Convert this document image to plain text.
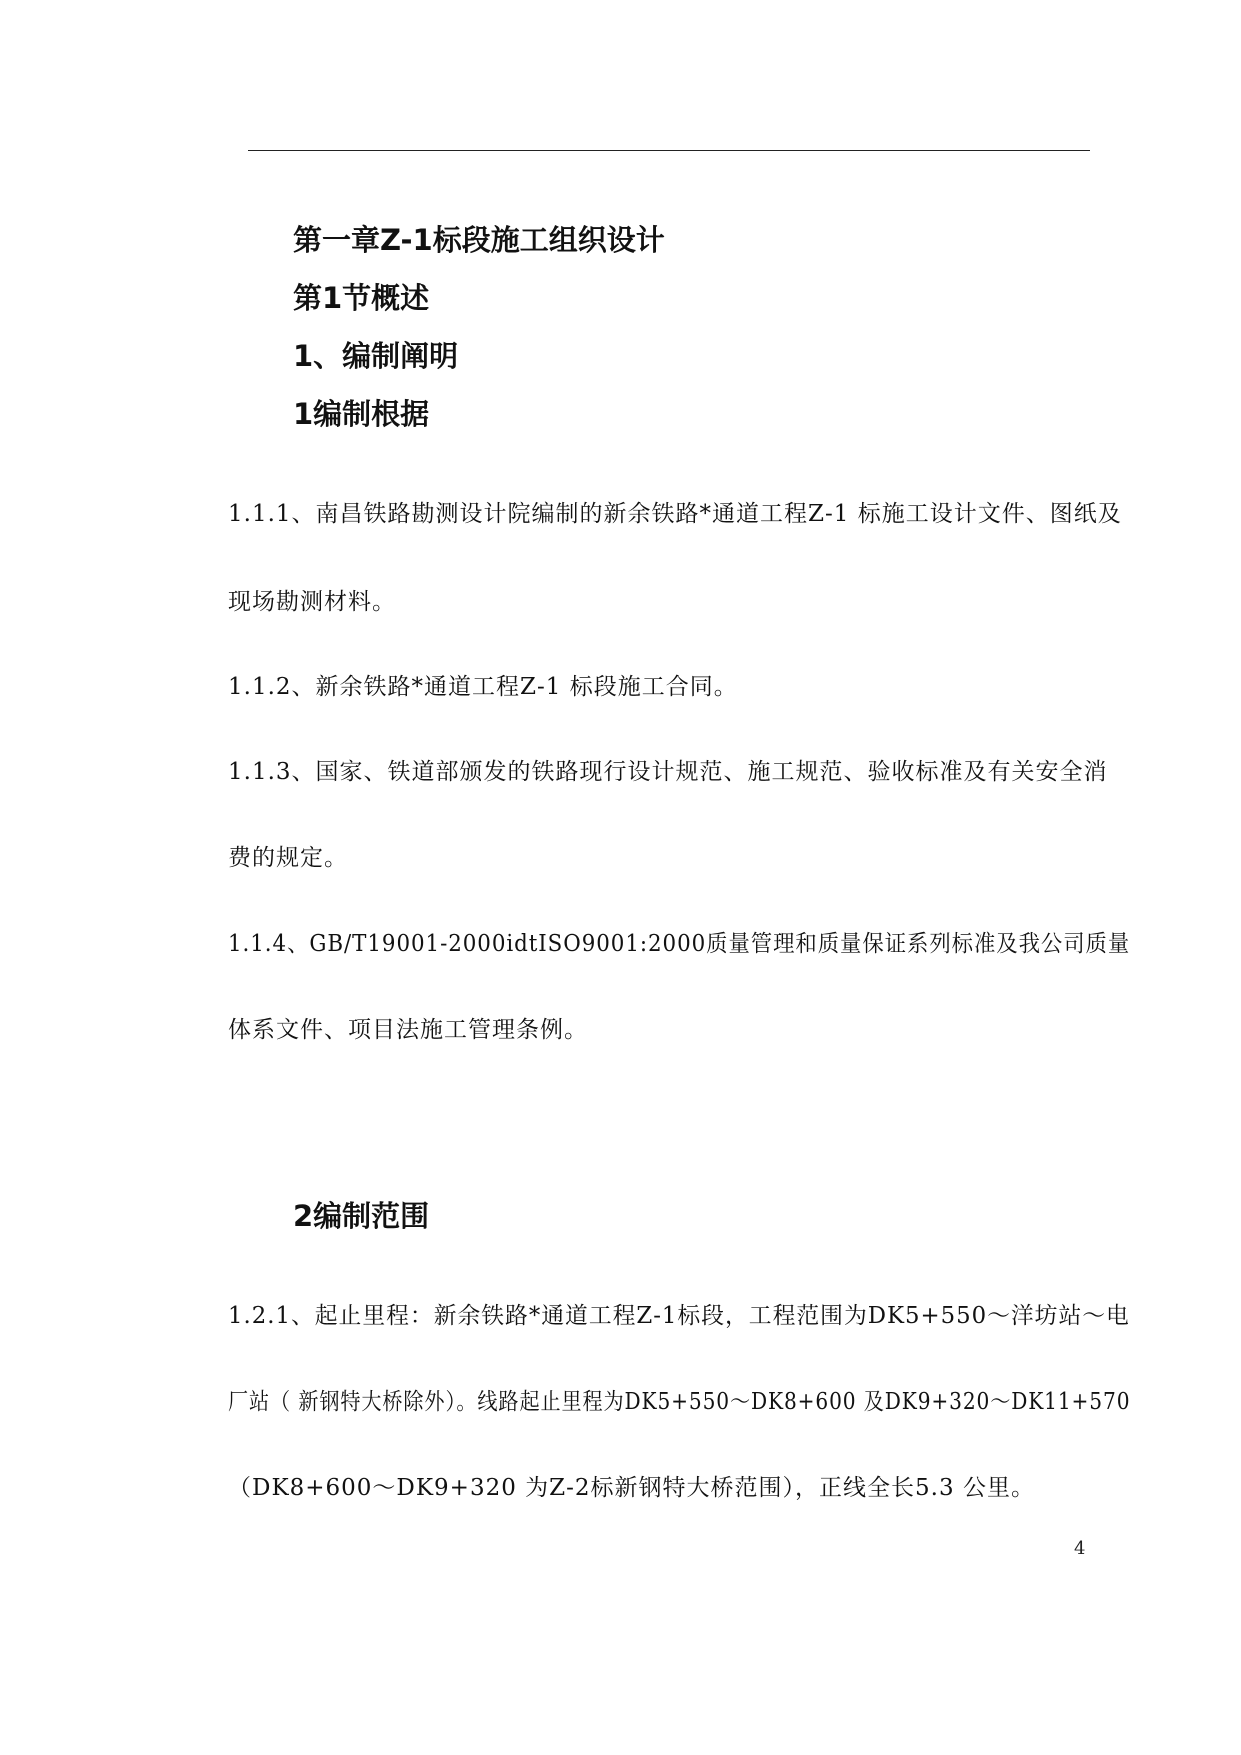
第一章Z-1标段施工组织设计
第1节概述
1、编制阐明
1编制根据
1.1.1、南昌铁路勘测设计院编制的新余铁路*通道工程Z-1 标施工设计文件、图纸及
现场勘测材料。
1.1.2、新余铁路*通道工程Z-1 标段施工合同。
1.1.3、国家、铁道部颁发的铁路现行设计规范、施工规范、验收标准及有关安全消
费的规定。
1.1.4、GB/T19001-2000idtISO9001:2000质量管理和质量保证系列标准及我公司质量
体系文件、项目法施工管理条例。
2编制范围
1.2.1、起止里程：新余铁路*通道工程Z-1标段，工程范围为DK5+550～洋坊站～电
厂站（ 新钢特大桥除外）。线路起止里程为DK5+550～DK8+600 及DK9+320～DK11+570
（DK8+600～DK9+320 为Z-2标新钢特大桥范围），正线全长5.3 公里。
4
